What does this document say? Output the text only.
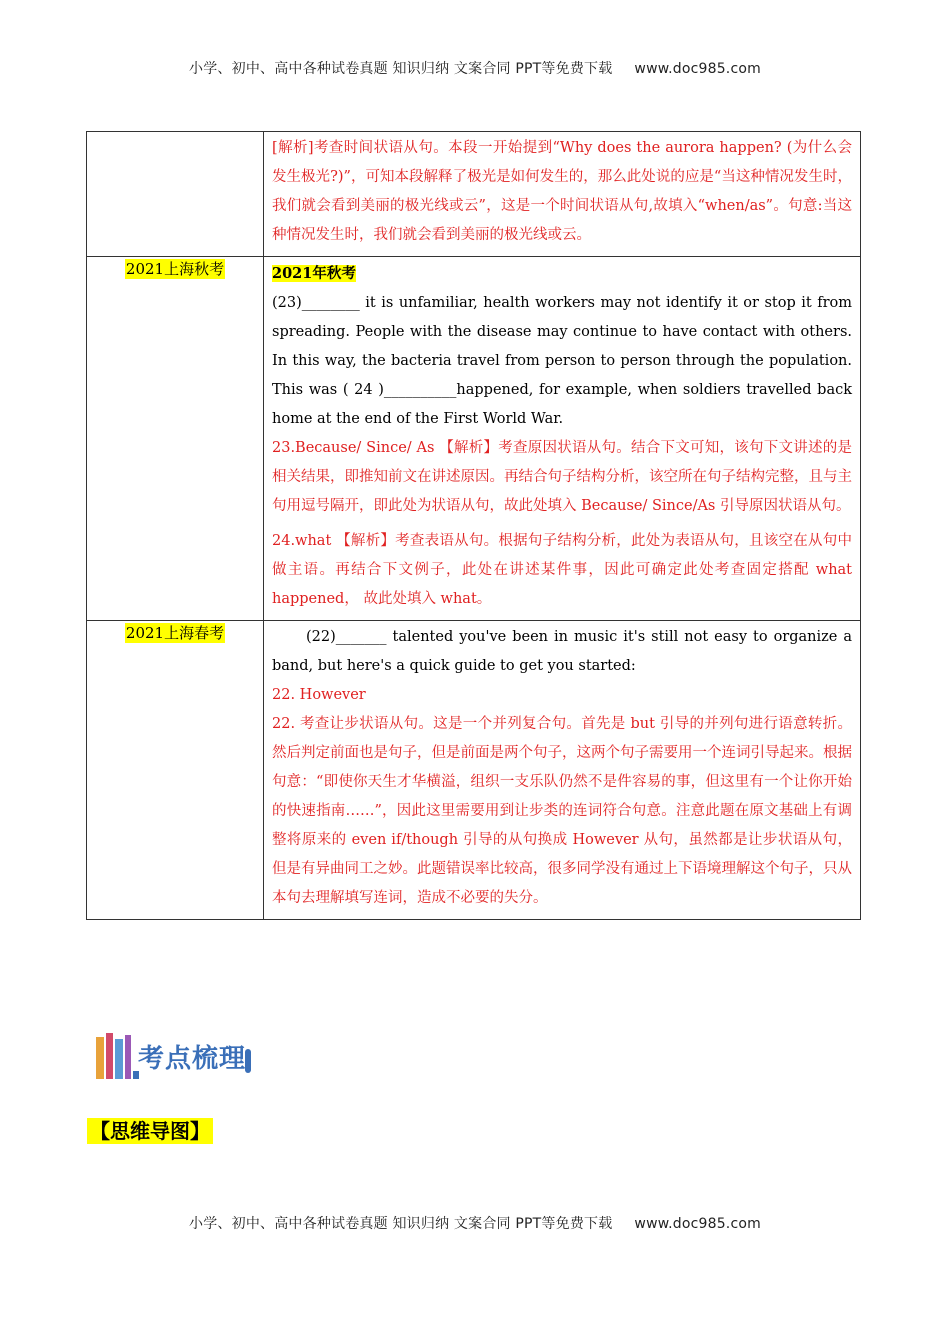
小学、初中、高中各种试卷真题 知识归纳 文案合同 PPT等免费下载 www.doc985.com

	[解析]考查时间状语从句。本段一开始提到“Why does the aurora happen? (为什么会发生极光?)”，可知本段解释了极光是如何发生的，那么此处说的应是“当这种情况发生时，我们就会看到美丽的极光线或云”，这是一个时间状语从句,故填入“when/as”。句意:当这种情况发生时，我们就会看到美丽的极光线或云。

2021上海秋考	2021年秋考

(23)________ it is unfamiliar, health workers may not identify it or stop it from spreading. People with the disease may continue to have contact with others. In this way, the bacteria travel from person to person through the population. This was ( 24 )__________happened, for example, when soldiers travelled back home at the end of the First World War.

23.Because/ Since/ As 【解析】考查原因状语从句。结合下文可知，该句下文讲述的是相关结果，即推知前文在讲述原因。再结合句子结构分析，该空所在句子结构完整，且与主句用逗号隔开，即此处为状语从句，故此处填入 Because/ Since/As 引导原因状语从句。

24.what 【解析】考查表语从句。根据句子结构分析，此处为表语从句，且该空在从句中做主语。再结合下文例子，此处在讲述某件事，因此可确定此处考查固定搭配 what happened， 故此处填入 what。

2021上海春考	(22)_______ talented you've been in music it's still not easy to organize a band, but here's a quick guide to get you started:

22. However

22. 考查让步状语从句。这是一个并列复合句。首先是 but 引导的并列句进行语意转折。然后判定前面也是句子，但是前面是两个句子，这两个句子需要用一个连词引导起来。根据句意：“即使你天生才华横溢，组织一支乐队仍然不是件容易的事，但这里有一个让你开始的快速指南……”，因此这里需要用到让步类的连词符合句意。注意此题在原文基础上有调整将原来的 even if/though 引导的从句换成 However 从句，虽然都是让步状语从句，但是有异曲同工之妙。此题错误率比较高，很多同学没有通过上下语境理解这个句子，只从本句去理解填写连词，造成不必要的失分。

考点梳理
【思维导图】
小学、初中、高中各种试卷真题 知识归纳 文案合同 PPT等免费下载 www.doc985.com
